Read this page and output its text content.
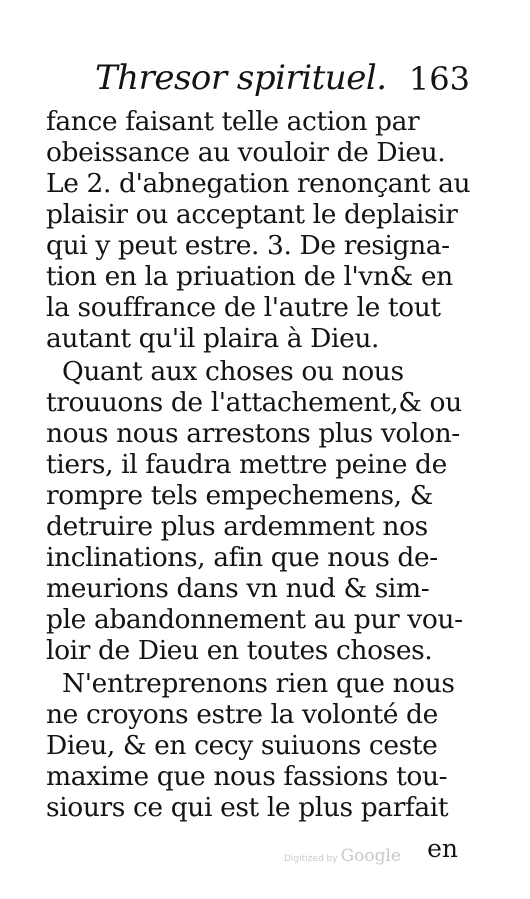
Thresor spirituel. 163
fance faisant telle action par
obeissance au vouloir de Dieu.
Le 2. d'abnegation renonçant au
plaisir ou acceptant le deplaisir
qui y peut estre. 3. De resigna-
tion en la priuation de l'vn& en
la souffrance de l'autre le tout
autant qu'il plaira à Dieu.
Quant aux choses ou nous
trouuons de l'attachement,& ou
nous nous arrestons plus volon-
tiers, il faudra mettre peine de
rompre tels empechemens, &
detruire plus ardemment nos
inclinations, afin que nous de-
meurions dans vn nud & sim-
ple abandonnement au pur vou-
loir de Dieu en toutes choses.
N'entreprenons rien que nous
ne croyons estre la volonté de
Dieu, & en cecy suiuons ceste
maxime que nous fassions tou-
siours ce qui est le plus parfait
en
Digitized by Google
